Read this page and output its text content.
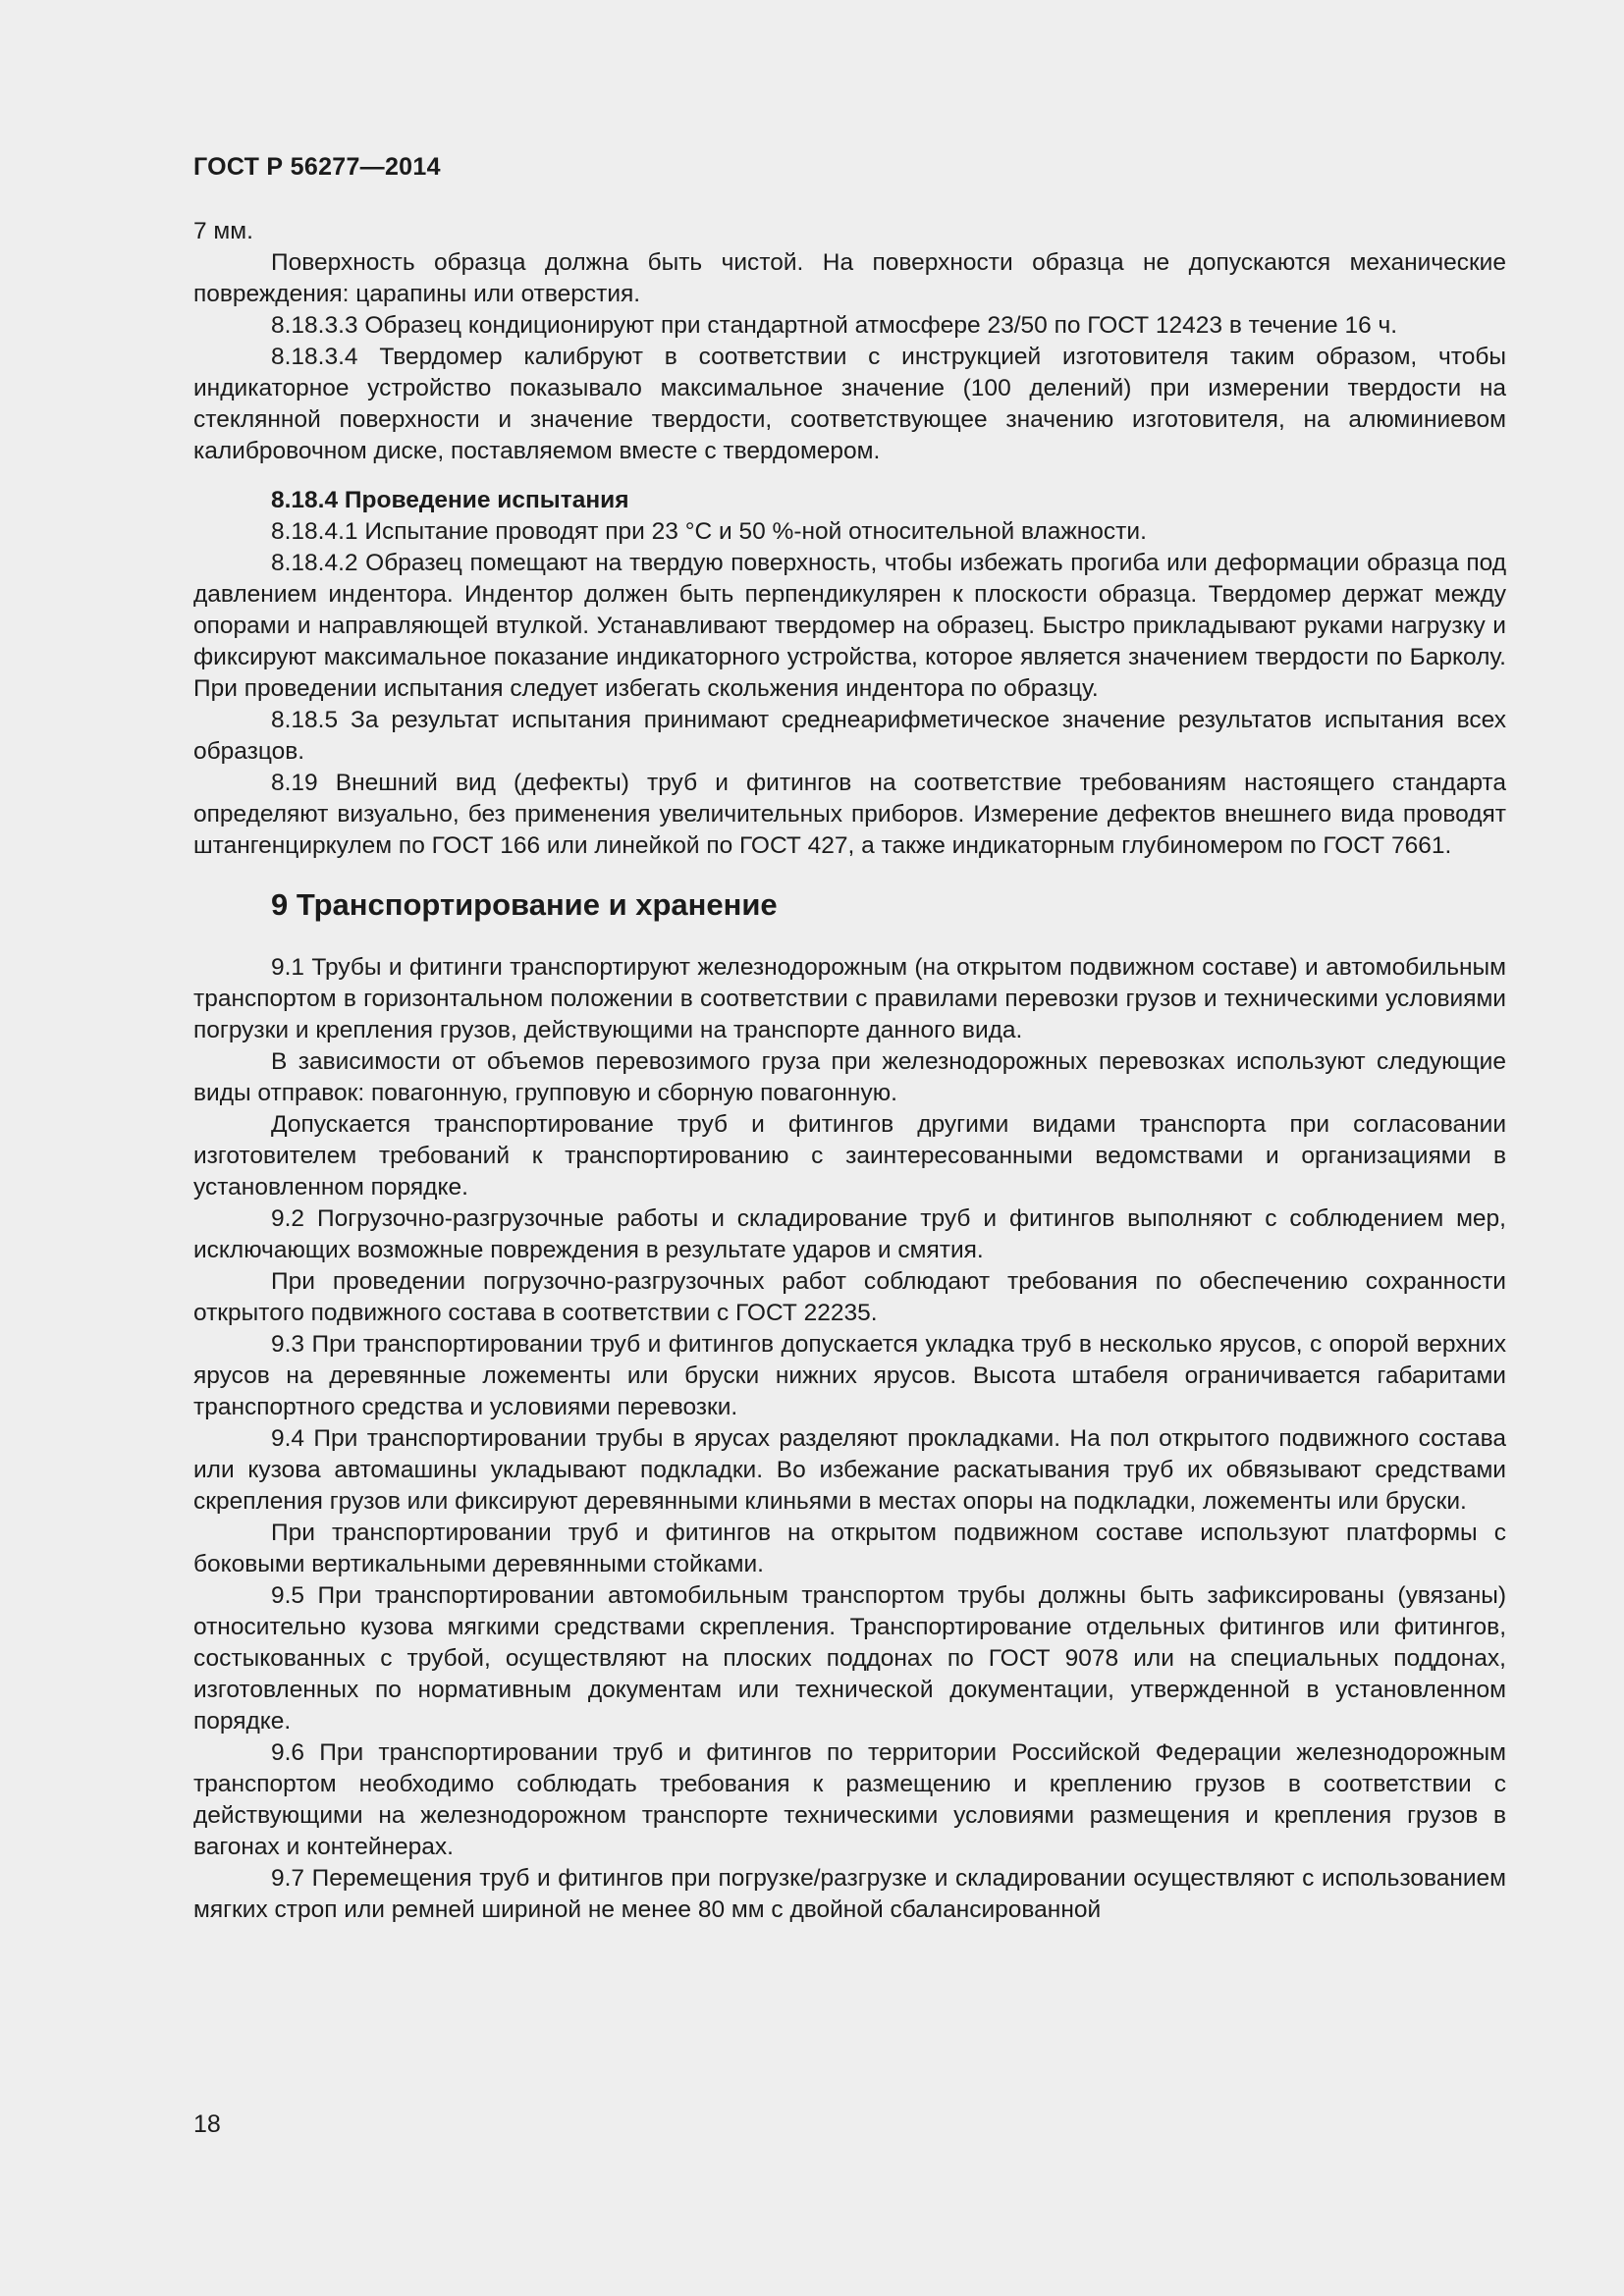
ГОСТ Р 56277—2014

7 мм.

Поверхность образца должна быть чистой. На поверхности образца не допускаются механические повреждения: царапины или отверстия.

8.18.3.3 Образец кондиционируют при стандартной атмосфере 23/50 по ГОСТ 12423 в течение 16 ч.

8.18.3.4 Твердомер калибруют в соответствии с инструкцией изготовителя таким образом, чтобы индикаторное устройство показывало максимальное значение (100 делений) при измерении твердости на стеклянной поверхности и значение твердости, соответствующее значению изготовителя, на алюминиевом калибровочном диске, поставляемом вместе с твердомером.

8.18.4 Проведение испытания

8.18.4.1 Испытание проводят при 23 °С и 50 %-ной относительной влажности.

8.18.4.2 Образец помещают на твердую поверхность, чтобы избежать прогиба или деформации образца под давлением индентора. Индентор должен быть перпендикулярен к плоскости образца. Твердомер держат между опорами и направляющей втулкой. Устанавливают твердомер на образец. Быстро прикладывают руками нагрузку и фиксируют максимальное показание индикаторного устройства, которое является значением твердости по Барколу. При проведении испытания следует избегать скольжения индентора по образцу.

8.18.5 За результат испытания принимают среднеарифметическое значение результатов испытания всех образцов.

8.19 Внешний вид (дефекты) труб и фитингов на соответствие требованиям настоящего стандарта определяют визуально, без применения увеличительных приборов. Измерение дефектов внешнего вида проводят штангенциркулем по ГОСТ 166 или линейкой по ГОСТ 427, а также индикаторным глубиномером по ГОСТ 7661.

9 Транспортирование и хранение

9.1 Трубы и фитинги транспортируют железнодорожным (на открытом подвижном составе) и автомобильным транспортом в горизонтальном положении в соответствии с правилами перевозки грузов и техническими условиями погрузки и крепления грузов, действующими на транспорте данного вида.

В зависимости от объемов перевозимого груза при железнодорожных перевозках используют следующие виды отправок: повагонную, групповую и сборную повагонную.

Допускается транспортирование труб и фитингов другими видами транспорта при согласовании изготовителем требований к транспортированию с заинтересованными ведомствами и организациями в установленном порядке.

9.2 Погрузочно-разгрузочные работы и складирование труб и фитингов выполняют с соблюдением мер, исключающих возможные повреждения в результате ударов и смятия.

При проведении погрузочно-разгрузочных работ соблюдают требования по обеспечению сохранности открытого подвижного состава в соответствии с ГОСТ 22235.

9.3 При транспортировании труб и фитингов допускается укладка труб в несколько ярусов, с опорой верхних ярусов на деревянные ложементы или бруски нижних ярусов. Высота штабеля ограничивается габаритами транспортного средства и условиями перевозки.

9.4 При транспортировании трубы в ярусах разделяют прокладками. На пол открытого подвижного состава или кузова автомашины укладывают подкладки. Во избежание раскатывания труб их обвязывают средствами скрепления грузов или фиксируют деревянными клиньями в местах опоры на подкладки, ложементы или бруски.

При транспортировании труб и фитингов на открытом подвижном составе используют платформы с боковыми вертикальными деревянными стойками.

9.5 При транспортировании автомобильным транспортом трубы должны быть зафиксированы (увязаны) относительно кузова мягкими средствами скрепления. Транспортирование отдельных фитингов или фитингов, состыкованных с трубой, осуществляют на плоских поддонах по ГОСТ 9078 или на специальных поддонах, изготовленных по нормативным документам или технической документации, утвержденной в установленном порядке.

9.6 При транспортировании труб и фитингов по территории Российской Федерации железнодорожным транспортом необходимо соблюдать требования к размещению и креплению грузов в соответствии с действующими на железнодорожном транспорте техническими условиями размещения и крепления грузов в вагонах и контейнерах.

9.7 Перемещения труб и фитингов при погрузке/разгрузке и складировании осуществляют с использованием мягких строп или ремней шириной не менее 80 мм с двойной сбалансированной

18
